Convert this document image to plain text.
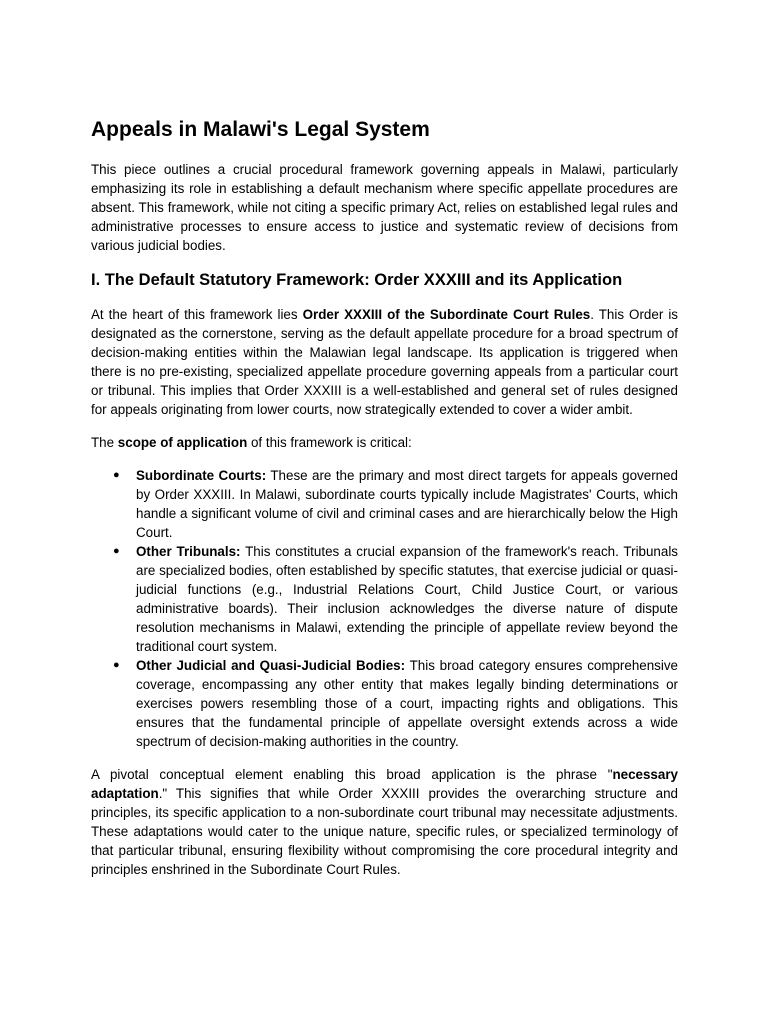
Appeals in Malawi's Legal System

This piece outlines a crucial procedural framework governing appeals in Malawi, particularly emphasizing its role in establishing a default mechanism where specific appellate procedures are absent. This framework, while not citing a specific primary Act, relies on established legal rules and administrative processes to ensure access to justice and systematic review of decisions from various judicial bodies.

I. The Default Statutory Framework: Order XXXIII and its Application

At the heart of this framework lies Order XXXIII of the Subordinate Court Rules. This Order is designated as the cornerstone, serving as the default appellate procedure for a broad spectrum of decision-making entities within the Malawian legal landscape. Its application is triggered when there is no pre-existing, specialized appellate procedure governing appeals from a particular court or tribunal. This implies that Order XXXIII is a well-established and general set of rules designed for appeals originating from lower courts, now strategically extended to cover a wider ambit.

The scope of application of this framework is critical:

● Subordinate Courts: These are the primary and most direct targets for appeals governed by Order XXXIII. In Malawi, subordinate courts typically include Magistrates' Courts, which handle a significant volume of civil and criminal cases and are hierarchically below the High Court.
● Other Tribunals: This constitutes a crucial expansion of the framework's reach. Tribunals are specialized bodies, often established by specific statutes, that exercise judicial or quasi-judicial functions (e.g., Industrial Relations Court, Child Justice Court, or various administrative boards). Their inclusion acknowledges the diverse nature of dispute resolution mechanisms in Malawi, extending the principle of appellate review beyond the traditional court system.
● Other Judicial and Quasi-Judicial Bodies: This broad category ensures comprehensive coverage, encompassing any other entity that makes legally binding determinations or exercises powers resembling those of a court, impacting rights and obligations. This ensures that the fundamental principle of appellate oversight extends across a wide spectrum of decision-making authorities in the country.

A pivotal conceptual element enabling this broad application is the phrase "necessary adaptation." This signifies that while Order XXXIII provides the overarching structure and principles, its specific application to a non-subordinate court tribunal may necessitate adjustments. These adaptations would cater to the unique nature, specific rules, or specialized terminology of that particular tribunal, ensuring flexibility without compromising the core procedural integrity and principles enshrined in the Subordinate Court Rules.
